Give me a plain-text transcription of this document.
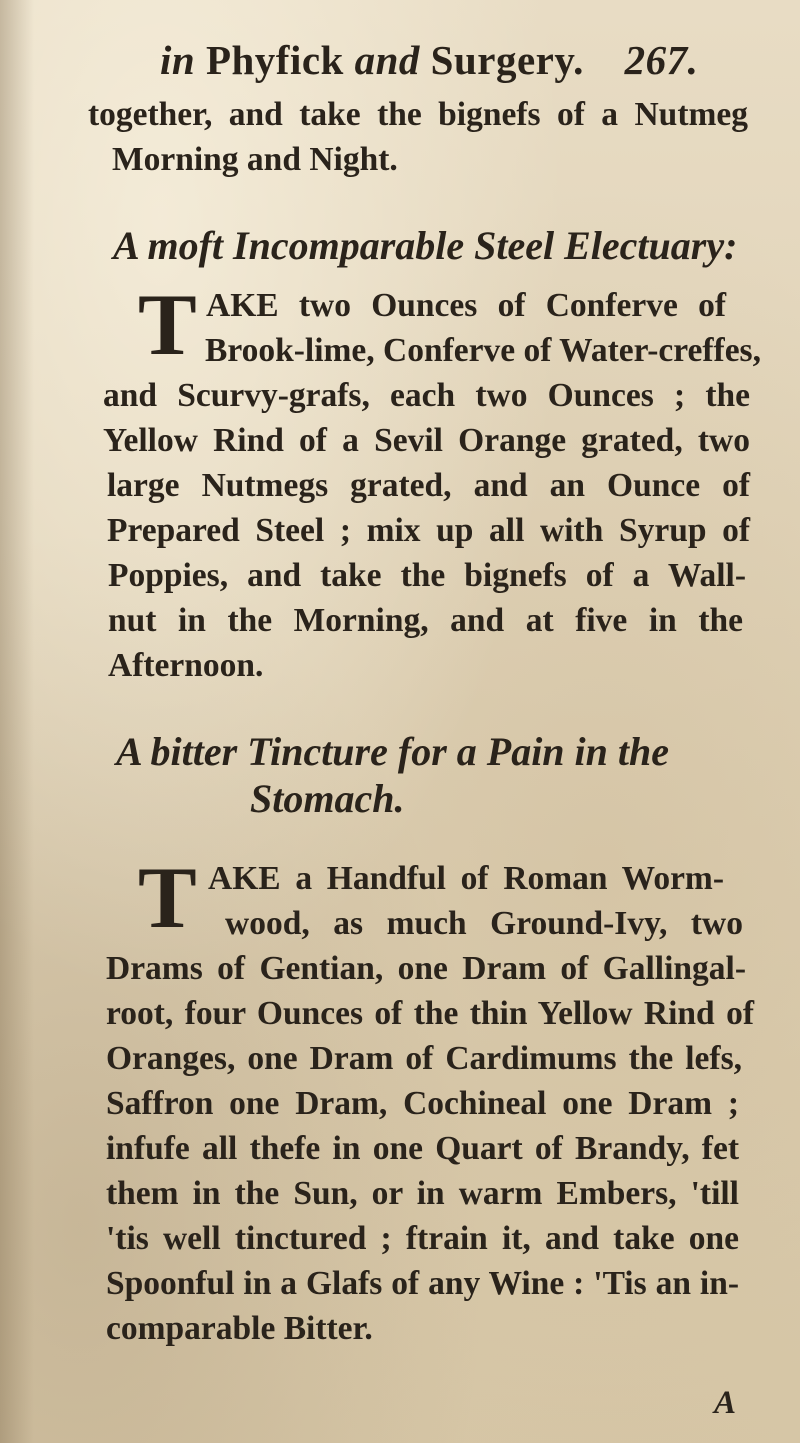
in Phyfick and Surgery. 267.
together, and take the bignefs of a Nutmeg
Morning and Night.
A moft Incomparable Steel Electuary:
T AKE two Ounces of Conferve of
Brook-lime, Conferve of Water-creffes,
and Scurvy-grafs, each two Ounces ; the
Yellow Rind of a Sevil Orange grated, two
large Nutmegs grated, and an Ounce of
Prepared Steel ; mix up all with Syrup of
Poppies, and take the bignefs of a Wall-
nut in the Morning, and at five in the
Afternoon.
A bitter Tincture for a Pain in the
Stomach.
T AKE a Handful of Roman Worm-
wood, as much Ground-Ivy, two
Drams of Gentian, one Dram of Gallingal-
root, four Ounces of the thin Yellow Rind of
Oranges, one Dram of Cardimums the lefs,
Saffron one Dram, Cochineal one Dram ;
infufe all thefe in one Quart of Brandy, fet
them in the Sun, or in warm Embers, 'till
'tis well tinctured ; ftrain it, and take one
Spoonful in a Glafs of any Wine : 'Tis an in-
comparable Bitter.
A
